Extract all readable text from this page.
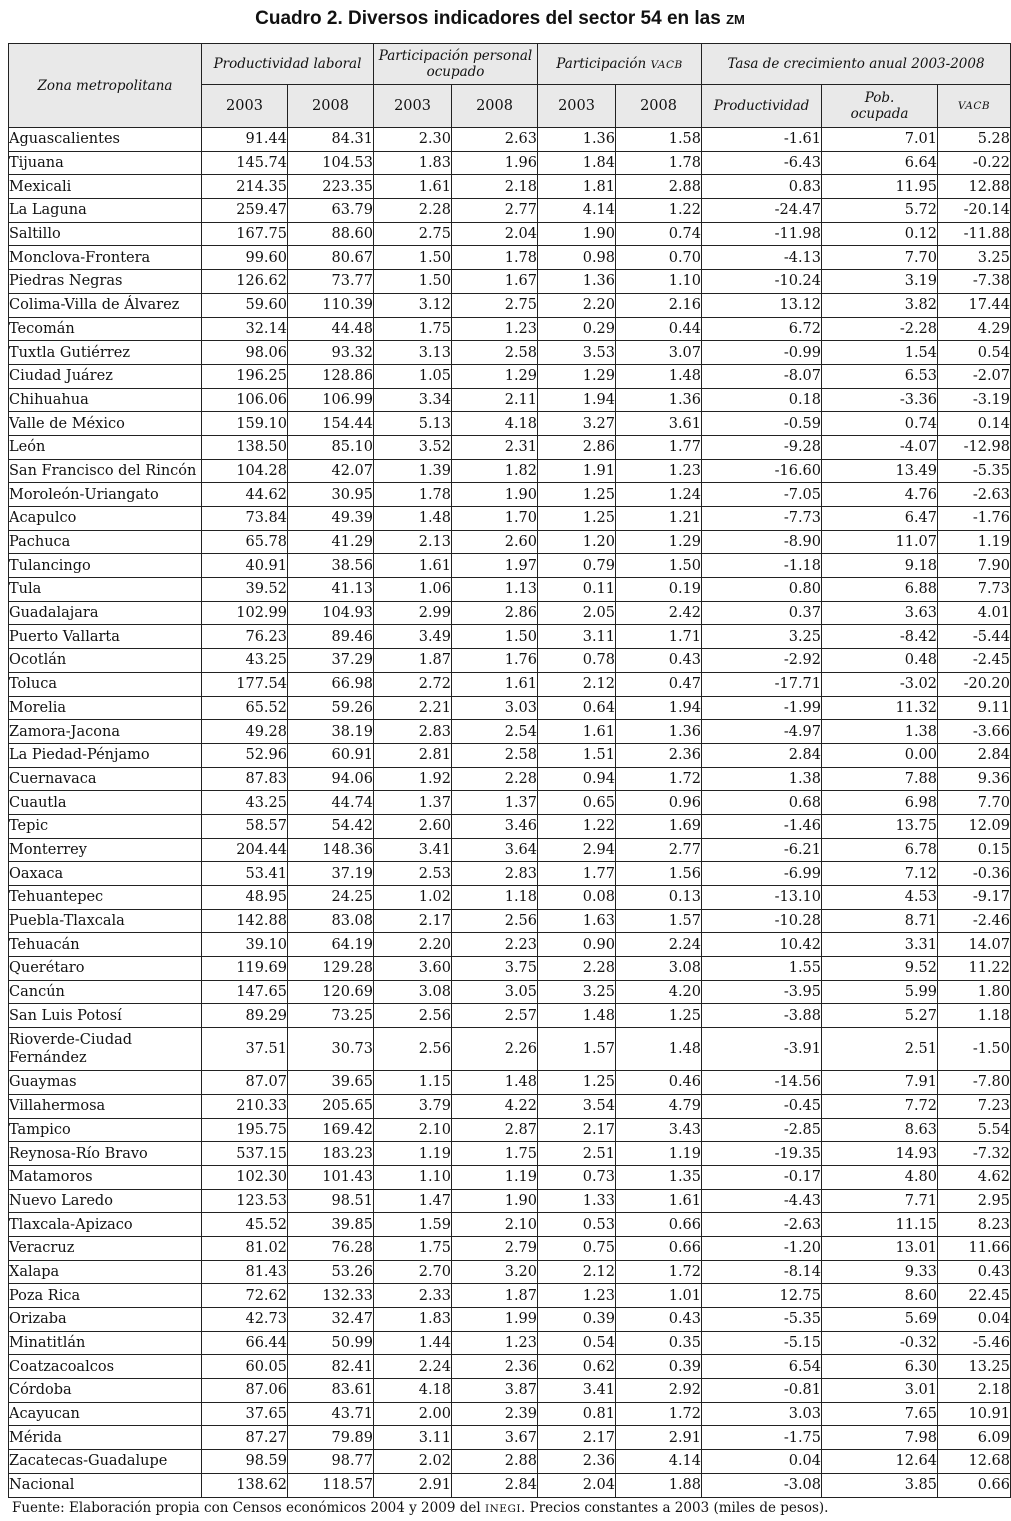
Cuadro 2. Diversos indicadores del sector 54 en las ZM
Zona metropolitana	Productividad laboral		Participación personal ocupado		Participación VACB		Tasa de crecimiento anual 2003-2008		
	2003	2008	2003	2008	2003	2008	Productividad	Pob. ocupada	VACB
Aguascalientes	91.44	84.31	2.30	2.63	1.36	1.58	-1.61	7.01	5.28
Tijuana	145.74	104.53	1.83	1.96	1.84	1.78	-6.43	6.64	-0.22
Mexicali	214.35	223.35	1.61	2.18	1.81	2.88	0.83	11.95	12.88
La Laguna	259.47	63.79	2.28	2.77	4.14	1.22	-24.47	5.72	-20.14
Saltillo	167.75	88.60	2.75	2.04	1.90	0.74	-11.98	0.12	-11.88
Monclova-Frontera	99.60	80.67	1.50	1.78	0.98	0.70	-4.13	7.70	3.25
Piedras Negras	126.62	73.77	1.50	1.67	1.36	1.10	-10.24	3.19	-7.38
Colima-Villa de Álvarez	59.60	110.39	3.12	2.75	2.20	2.16	13.12	3.82	17.44
Tecomán	32.14	44.48	1.75	1.23	0.29	0.44	6.72	-2.28	4.29
Tuxtla Gutiérrez	98.06	93.32	3.13	2.58	3.53	3.07	-0.99	1.54	0.54
Ciudad Juárez	196.25	128.86	1.05	1.29	1.29	1.48	-8.07	6.53	-2.07
Chihuahua	106.06	106.99	3.34	2.11	1.94	1.36	0.18	-3.36	-3.19
Valle de México	159.10	154.44	5.13	4.18	3.27	3.61	-0.59	0.74	0.14
León	138.50	85.10	3.52	2.31	2.86	1.77	-9.28	-4.07	-12.98
San Francisco del Rincón	104.28	42.07	1.39	1.82	1.91	1.23	-16.60	13.49	-5.35
Moroleón-Uriangato	44.62	30.95	1.78	1.90	1.25	1.24	-7.05	4.76	-2.63
Acapulco	73.84	49.39	1.48	1.70	1.25	1.21	-7.73	6.47	-1.76
Pachuca	65.78	41.29	2.13	2.60	1.20	1.29	-8.90	11.07	1.19
Tulancingo	40.91	38.56	1.61	1.97	0.79	1.50	-1.18	9.18	7.90
Tula	39.52	41.13	1.06	1.13	0.11	0.19	0.80	6.88	7.73
Guadalajara	102.99	104.93	2.99	2.86	2.05	2.42	0.37	3.63	4.01
Puerto Vallarta	76.23	89.46	3.49	1.50	3.11	1.71	3.25	-8.42	-5.44
Ocotlán	43.25	37.29	1.87	1.76	0.78	0.43	-2.92	0.48	-2.45
Toluca	177.54	66.98	2.72	1.61	2.12	0.47	-17.71	-3.02	-20.20
Morelia	65.52	59.26	2.21	3.03	0.64	1.94	-1.99	11.32	9.11
Zamora-Jacona	49.28	38.19	2.83	2.54	1.61	1.36	-4.97	1.38	-3.66
La Piedad-Pénjamo	52.96	60.91	2.81	2.58	1.51	2.36	2.84	0.00	2.84
Cuernavaca	87.83	94.06	1.92	2.28	0.94	1.72	1.38	7.88	9.36
Cuautla	43.25	44.74	1.37	1.37	0.65	0.96	0.68	6.98	7.70
Tepic	58.57	54.42	2.60	3.46	1.22	1.69	-1.46	13.75	12.09
Monterrey	204.44	148.36	3.41	3.64	2.94	2.77	-6.21	6.78	0.15
Oaxaca	53.41	37.19	2.53	2.83	1.77	1.56	-6.99	7.12	-0.36
Tehuantepec	48.95	24.25	1.02	1.18	0.08	0.13	-13.10	4.53	-9.17
Puebla-Tlaxcala	142.88	83.08	2.17	2.56	1.63	1.57	-10.28	8.71	-2.46
Tehuacán	39.10	64.19	2.20	2.23	0.90	2.24	10.42	3.31	14.07
Querétaro	119.69	129.28	3.60	3.75	2.28	3.08	1.55	9.52	11.22
Cancún	147.65	120.69	3.08	3.05	3.25	4.20	-3.95	5.99	1.80
San Luis Potosí	89.29	73.25	2.56	2.57	1.48	1.25	-3.88	5.27	1.18
Rioverde-Ciudad Fernández	37.51	30.73	2.56	2.26	1.57	1.48	-3.91	2.51	-1.50
Guaymas	87.07	39.65	1.15	1.48	1.25	0.46	-14.56	7.91	-7.80
Villahermosa	210.33	205.65	3.79	4.22	3.54	4.79	-0.45	7.72	7.23
Tampico	195.75	169.42	2.10	2.87	2.17	3.43	-2.85	8.63	5.54
Reynosa-Río Bravo	537.15	183.23	1.19	1.75	2.51	1.19	-19.35	14.93	-7.32
Matamoros	102.30	101.43	1.10	1.19	0.73	1.35	-0.17	4.80	4.62
Nuevo Laredo	123.53	98.51	1.47	1.90	1.33	1.61	-4.43	7.71	2.95
Tlaxcala-Apizaco	45.52	39.85	1.59	2.10	0.53	0.66	-2.63	11.15	8.23
Veracruz	81.02	76.28	1.75	2.79	0.75	0.66	-1.20	13.01	11.66
Xalapa	81.43	53.26	2.70	3.20	2.12	1.72	-8.14	9.33	0.43
Poza Rica	72.62	132.33	2.33	1.87	1.23	1.01	12.75	8.60	22.45
Orizaba	42.73	32.47	1.83	1.99	0.39	0.43	-5.35	5.69	0.04
Minatitlán	66.44	50.99	1.44	1.23	0.54	0.35	-5.15	-0.32	-5.46
Coatzacoalcos	60.05	82.41	2.24	2.36	0.62	0.39	6.54	6.30	13.25
Córdoba	87.06	83.61	4.18	3.87	3.41	2.92	-0.81	3.01	2.18
Acayucan	37.65	43.71	2.00	2.39	0.81	1.72	3.03	7.65	10.91
Mérida	87.27	79.89	3.11	3.67	2.17	2.91	-1.75	7.98	6.09
Zacatecas-Guadalupe	98.59	98.77	2.02	2.88	2.36	4.14	0.04	12.64	12.68
Nacional	138.62	118.57	2.91	2.84	2.04	1.88	-3.08	3.85	0.66
Fuente: Elaboración propia con Censos económicos 2004 y 2009 del INEGI. Precios constantes a 2003 (miles de pesos).
